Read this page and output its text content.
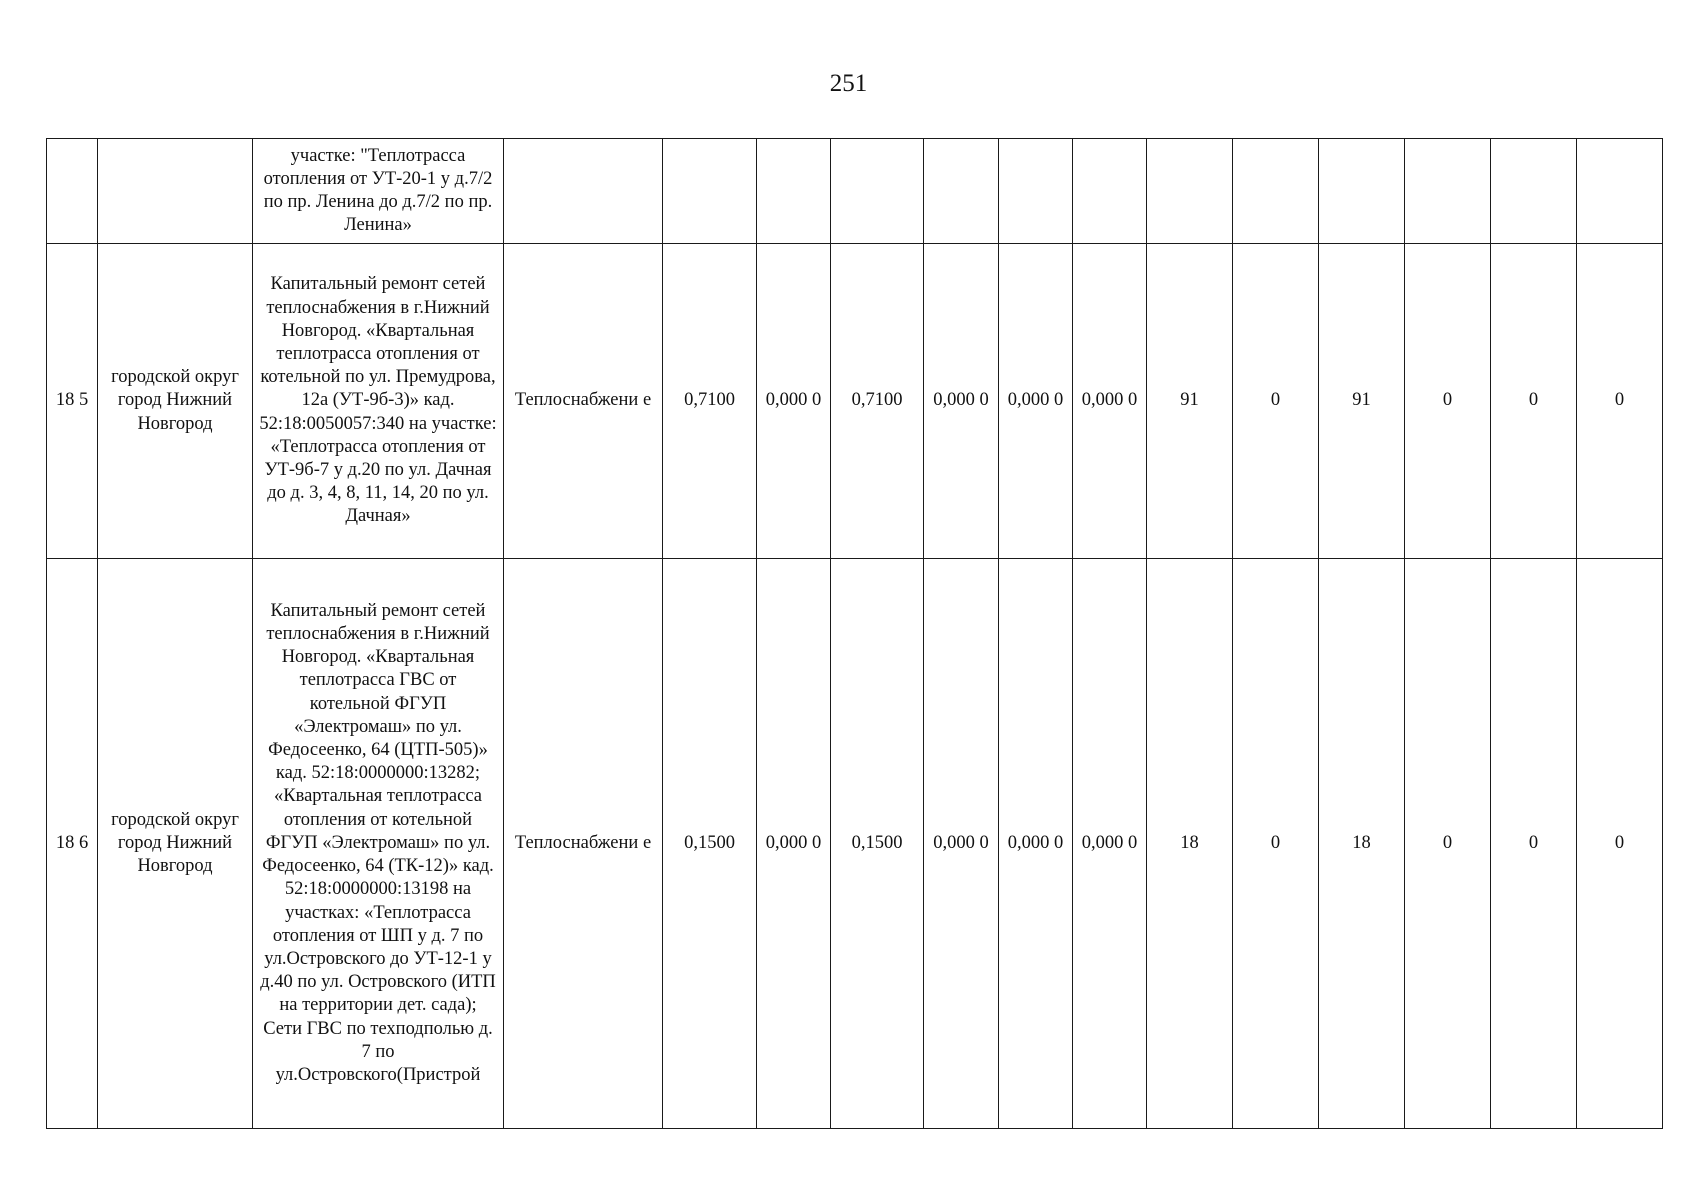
251
		участке: "Теплотрасса отопления от УТ-20-1 у д.7/2 по пр. Ленина до д.7/2 по пр. Ленина»													
18 5	городской округ город Нижний Новгород	Капитальный ремонт сетей теплоснабжения в г.Нижний Новгород. «Квартальная теплотрасса отопления от котельной по ул. Премудрова, 12а (УТ-9б-3)» кад. 52:18:0050057:340 на участке: «Теплотрасса отопления от УТ-9б-7 у д.20 по ул. Дачная до д. 3, 4, 8, 11, 14, 20 по ул. Дачная»	Теплоснабжени е	0,7100	0,000 0	0,7100	0,000 0	0,000 0	0,000 0	91	0	91	0	0	0
18 6	городской округ город Нижний Новгород	Капитальный ремонт сетей теплоснабжения в г.Нижний Новгород. «Квартальная теплотрасса ГВС от котельной ФГУП «Электромаш» по ул. Федосеенко, 64 (ЦТП-505)» кад. 52:18:0000000:13282; «Квартальная теплотрасса отопления от котельной ФГУП «Электромаш» по ул. Федосеенко, 64 (ТК-12)» кад. 52:18:0000000:13198 на участках: «Теплотрасса отопления от ШП у д. 7 по ул.Островского до УТ-12-1 у д.40 по ул. Островского (ИТП на территории дет. сада); Сети ГВС по техподполью д. 7 по ул.Островского(Пристрой	Теплоснабжени е	0,1500	0,000 0	0,1500	0,000 0	0,000 0	0,000 0	18	0	18	0	0	0
